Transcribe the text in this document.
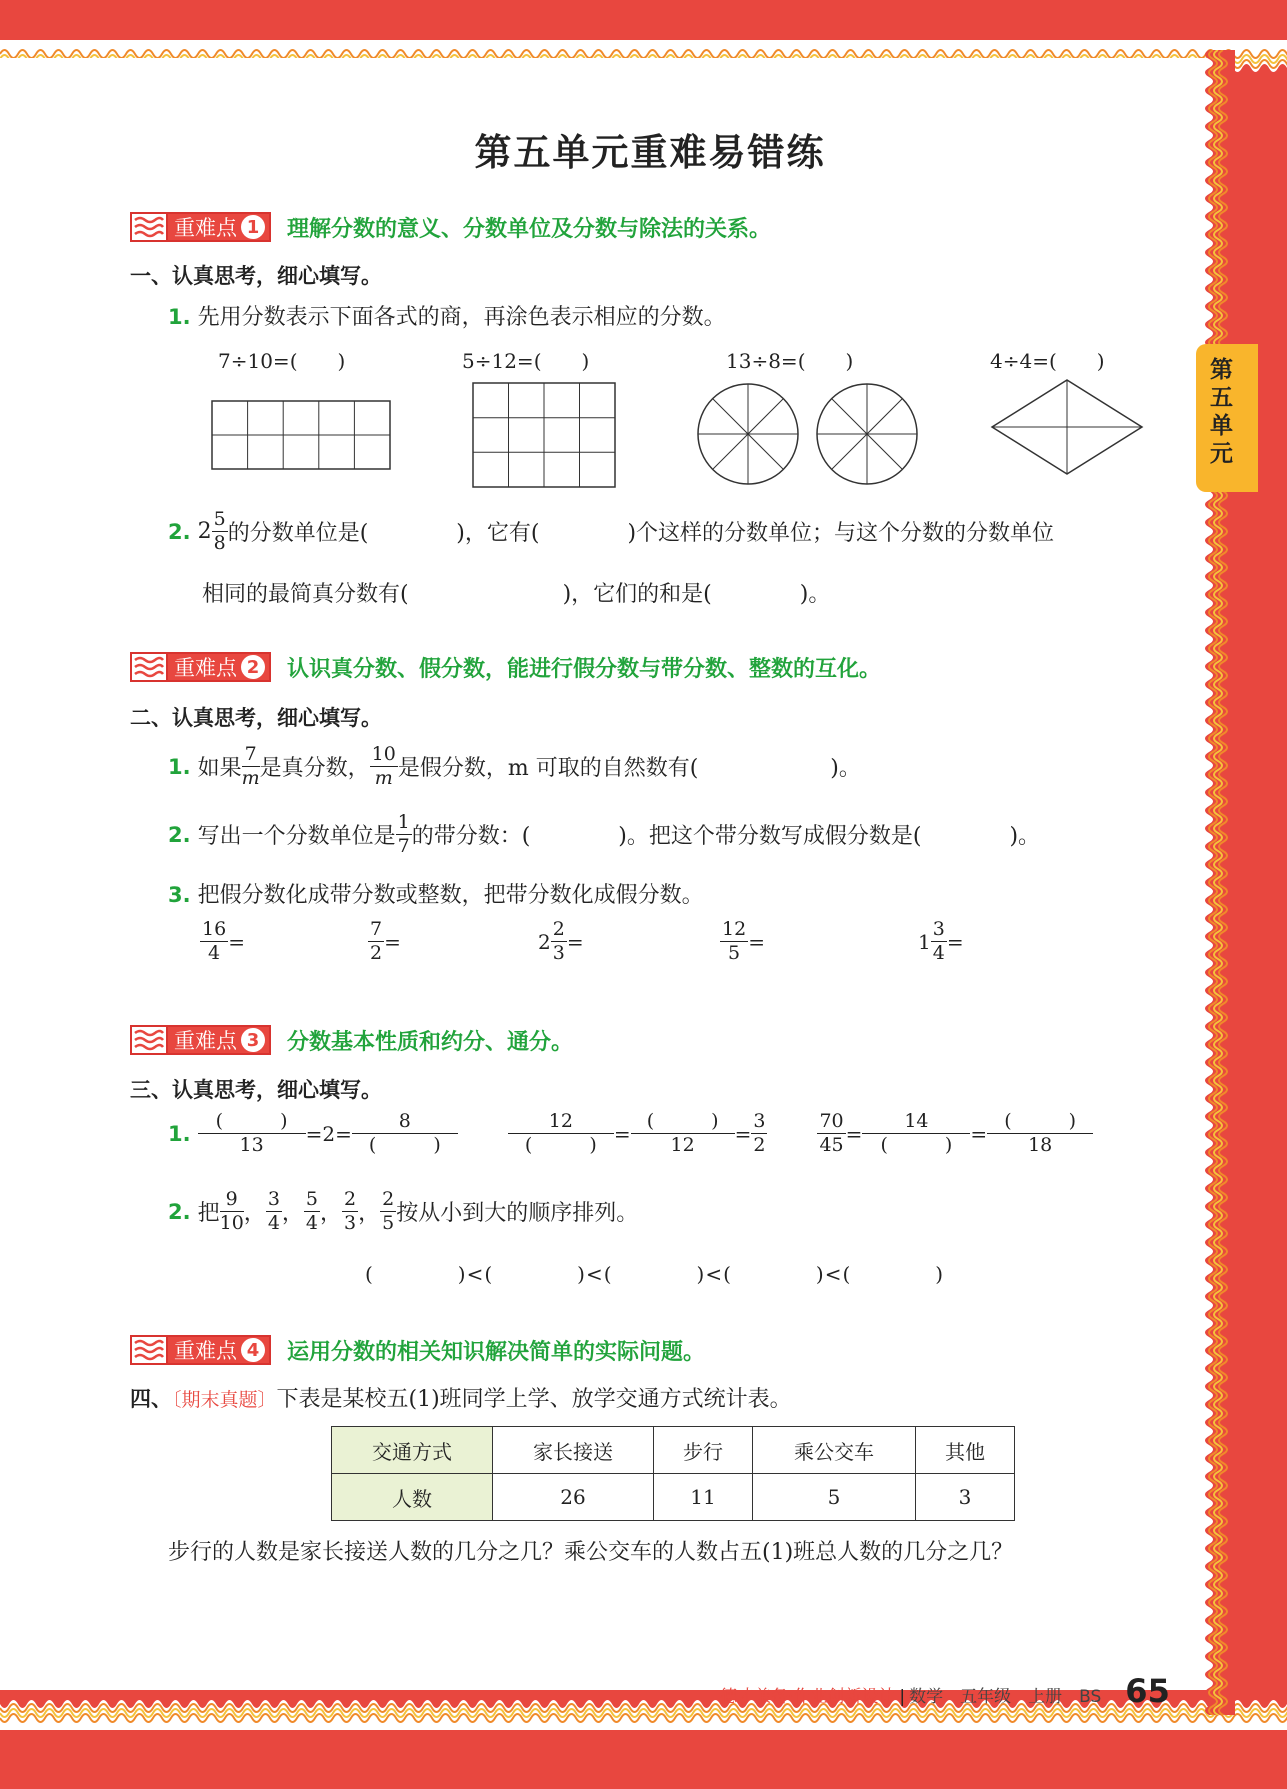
第五单元
第五单元重难易错练
重难点 1 理解分数的意义、分数单位及分数与除法的关系。
一、认真思考，细心填写。
1. 先用分数表示下面各式的商，再涂色表示相应的分数。
7÷10=(　　)	5÷12=(　　)	13÷8=(　　)	4÷4=(　　)
2.
$2 \frac{5}{8}$ 的分数单位是(　　　　)，它有(　　　　)个这样的分数单位；与这个分数的分数单位
相同的最简真分数有(　　　　　　　)，它们的和是(　　　　)。
重难点 2 认识真分数、假分数，能进行假分数与带分数、整数的互化。
二、认真思考，细心填写。
1.
如果 $\frac{7}{m}$ 是真分数， $\frac{10}{m}$ 是假分数，m 可取的自然数有(　　　　　　)。
2.
写出一个分数单位是 $\frac{1}{7}$ 的带分数：(　　　　)。把这个带分数写成假分数是(　　　　)。
3. 把假分数化成带分数或整数，把带分数化成假分数。
$\frac{16}{4}$ =	$\frac{7}{2}$ =	$2 \frac{2}{3}$ =	$\frac{12}{5}$ =	$1 \frac{3}{4}$ =
重难点 3 分数基本性质和约分、通分。
三、认真思考，细心填写。
1.
$\frac{( )}{13} =2= \frac{8}{( )}$	$\frac{12}{( )} = \frac{( )}{12} = \frac{3}{2}$	$\frac{70}{45} = \frac{14}{( )} = \frac{( )}{18}$
2.
把 $\frac{9}{10}$ ， $\frac{3}{4}$ ， $\frac{5}{4}$ ， $\frac{2}{3}$ ， $\frac{2}{5}$ 按从小到大的顺序排列。
(　　　　)<(　　　　)<(　　　　)<(　　　　)<(　　　　)
重难点 4 运用分数的相关知识解决简单的实际问题。
四、〔期末真题〕下表是某校五(1)班同学上学、放学交通方式统计表。
交通方式	家长接送	步行	乘公交车	其他
人数	26	11	5	3
步行的人数是家长接送人数的几分之几？乘公交车的人数占五(1)班总人数的几分之几？
德才兼备·作业创新设计 | 数学　五年级　上册　BS 65
